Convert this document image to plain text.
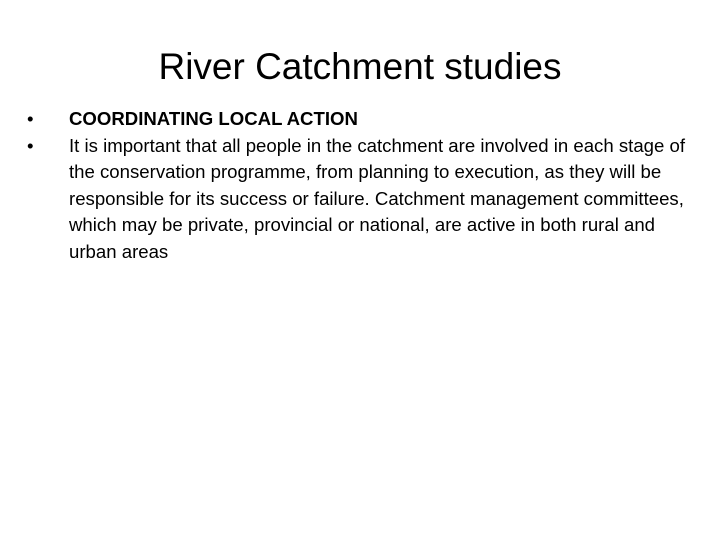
River Catchment studies
•	COORDINATING LOCAL ACTION
•	It is important that all people in the catchment are involved in each stage of the conservation programme, from planning to execution, as they will be responsible for its success or failure. Catchment management committees, which may be private, provincial or national, are active in both rural and urban areas
